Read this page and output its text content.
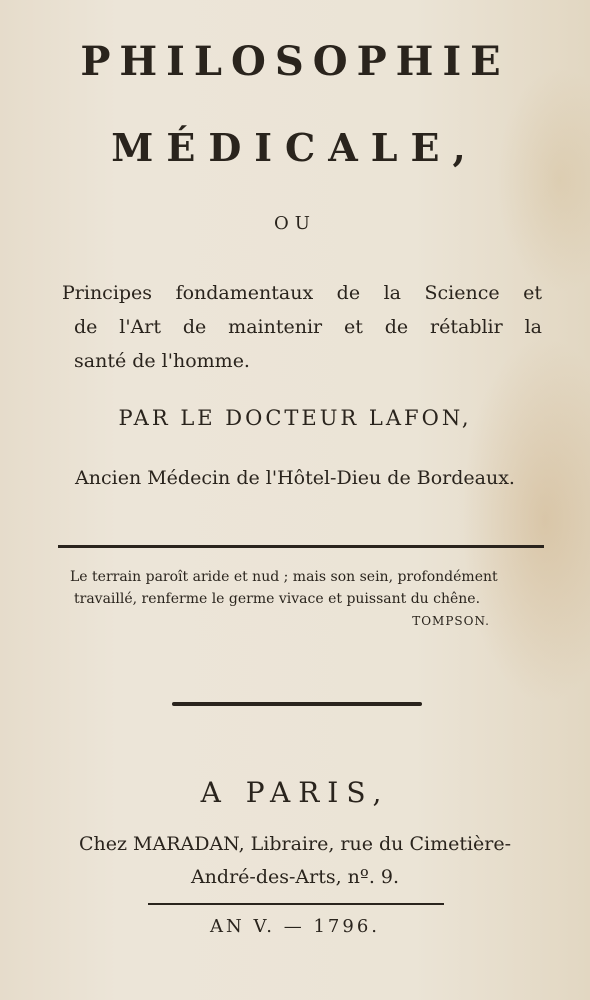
PHILOSOPHIE
MÉDICALE,
OU
Principes fondamentaux de la Science et
de l'Art de maintenir et de rétablir la
santé de l'homme.
PAR LE DOCTEUR LAFON,
Ancien Médecin de l'Hôtel-Dieu de Bordeaux.
Le terrain paroît aride et nud ; mais son sein, profondément
travaillé, renferme le germe vivace et puissant du chêne.
TOMPSON.
A PARIS,
Chez MARADAN, Libraire, rue du Cimetière-
André-des-Arts, nº. 9.
AN V. — 1796.
